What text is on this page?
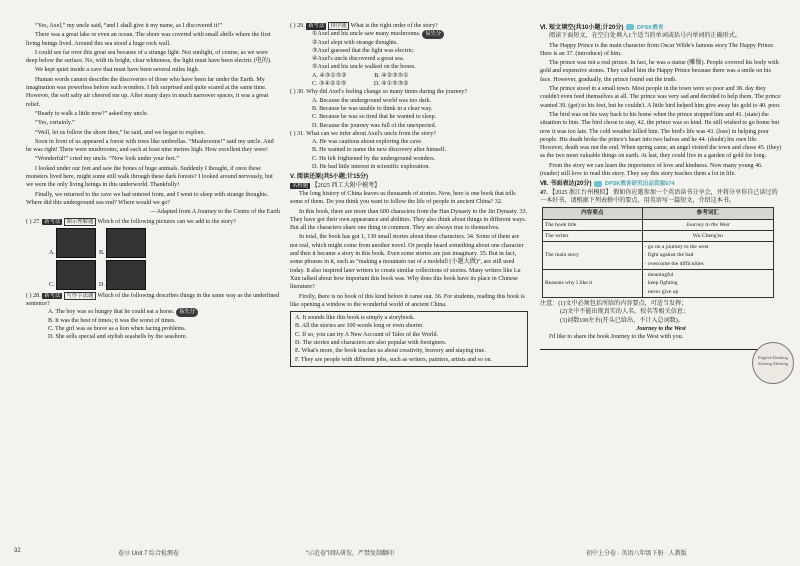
“Yes, Axel,” my uncle said, “and I shall give it my name, as I discovered it!”

There was a great lake or even an ocean. The shore was covered with small shells where the first living beings lived. Around this sea stood a huge rock wall.

I could see far over this great sea because of a strange light. Not sunlight, of course, as we were deep below the surface. No, with its bright, clear whiteness, the light must have been electric (电的).

We kept quiet inside a cave that must have been several miles high.

Human words cannot describe the discoveries of those who have been far under the Earth. My imagination was powerless before such wonders. I felt surprised and quite scared at the same time. However, the soft salty air cheered me up. After many days in much narrower spaces, it was a great relief.

“Ready to walk a little now?” asked my uncle.

“Yes, certainly.”

“Well, let us follow the shore then,” he said, and we began to explore.

Soon in front of us appeared a forest with trees like umbrellas. “Mushrooms!” said my uncle. And he was right! There were mushrooms, and each at least nine metres high. How excellent they were!

“Wonderful!” cried my uncle. “Now look under your feet.”

I looked under our feet and saw the bones of huge animals. Suddenly I thought, if once these monsters lived here, might some still walk through these dark forests? I looked around nervously, but we were the only living beings in this underworld. Thankfully!

Finally, we returned to the cave we had entered from, and I went to sleep with strange thoughts. Where did this underground sea end? Where would we go?

—Adapted from A Journey to the Centre of the Earth

( ) 27. 新考法 图示理解题 Which of the following pictures can we add to the story?
A.	B.
C.	D.
( ) 28. 新考法 写作手法题 Which of the following describes things in the same way as the underlined sentence?
A. The boy was so hungry that he could eat a horse. 易失分
B. It was the best of times; it was the worst of times.
C. The girl was as brave as a lion when facing problems.
D. She sells special and stylish seashells by the seashore.
( ) 29. 新考法 排序题 What is the right order of the story?
①Axel and his uncle saw many mushrooms. 易失分
②Axel slept with strange thoughts.
③Axel guessed that the light was electric.
④Axel's uncle discovered a great sea.
⑤Axel and his uncle walked on the bones.
A. ④③①⑤②	B. ④②③⑤①
C. ③④②①⑤	D. ④①⑤③②
( ) 30. Why did Axel's feeling change so many times during the journey?
A. Because the underground world was too dark.
B. Because he was unable to think in a clear way.
C. Because he was so tired that he wanted to sleep.
D. Because the journey was full of the unexpected.
( ) 31. What can we infer about Axel's uncle from the story?
A. He was cautious about exploring the cave.
B. He wanted to name the new discovery after himself.
C. He felt frightened by the underground wonders.
D. He had little interest in scientific exploration.
V. 阅读还原(共5小题;计15分)
名校题 【2025 西工大附中模考】

The long history of China leaves us thousands of stories. Now, here is one book that tells some of them. Do you think you want to follow the life of people in ancient China? 32.

In this book, there are more than 600 characters from the Han Dynasty to the Jin Dynasty. 33. They have got their own appearance and abilities. They also think about things in different ways. But all the characters share one thing in common. They are always true to themselves.

In total, the book has got 1, 130 small stories about these characters. 34. Some of them are not real, which might come from another novel. Or people heard something about one character and then it became a story in this book. Even some stories are just imaginary. 35. But in fact, some phrases in it, such as “making a mountain out of a molehill (小题大做)”, are still used today. It also inspired later writers to create similar collections of stories. Many writers like Lu Xun talked about how important this book was. Why does this book have its place in Chinese literature?

Firstly, there is no book of this kind before it came out. 36. For students, reading this book is like opening a window to the wonderful world of ancient China.

A. It sounds like this book is simply a storybook.
B. All the stories are 100 words long or even shorter.
C. If so, you can try A New Account of Tales of the World.
D. The stories and characters are also popular with foreigners.
E. What's more, the book teaches us about creativity, bravery and staying true.
F. They are people with different jobs, such as writers, painters, artists and so on.
Ⅵ. 短文填空(共10小题;计20分) DPSK教育

阅读下面短文，在空白处填入1个适当的单词或括号内单词的正确形式。

The Happy Prince is the main character from Oscar Wilde's famous story The Happy Prince. Here is an 37. (introduce) of him.

The prince was not a real prince. In fact, he was a statue (雕像). People covered his body with gold and expensive stones. They called him the Happy Prince because there was a smile on his face. However, gradually, the prince found out the truth.

The prince stood in a small town. Most people in the town were so poor and 38. day they couldn't even feed themselves at all. The prince was very sad and decided to help them. The prince wanted 39. (get) to his feet, but he couldn't. A little bird helped him give away his gold to 40. poor.

The bird was on his way back to his home when the prince stopped him and 41. (state) the situation to him. The bird chose to stay, 42. the prince was so kind. He still wished to go home but now it was too late. The cold weather killed him. The bird's life was 43. (lose) in helping poor people. His death broke the prince's heart into two halves and he 44. (doubt) his own life. However, death was not the end. When spring came, an angel visited the town and chose 45. (they) as the two most valuable things on earth. At last, they could live in a garden of gold for long.

From the story we can learn the importance of love and kindness. Now many young 46. (reader) still love to read this story. They say this story teaches them a lot in life.

Ⅶ. 书面表达(20分) DPSK教育研究出品资源674
47. 【2025 浙江台州模拟】 假如你应邀参加一个英语读书分享会，并将分享你自己读过的一本好书，请根据下列表格中的要点，用英语写一篇短文，介绍这本书。
内容要点	参考词汇
The book title	Journey to the West
The writer	Wu Cheng'en
The main story	· go on a journey to the west
· fight against the bad
· overcome the difficulties
Reasons why I like it	· meaningful
· keep fighting
· never give up
注意：(1)文中必须包括所给的内容要点，可适当发挥；
(2)文中不能出现真实的人名、校名等相关信息；
(3)词数100左右(开头已给出，不计入总词数)。
Journey to the West

I'd like to share the book Journey to the West with you.

English Reading Sharing Meeting
32	卷⑬ Unit 7 综合检测卷	“示范卷”团队研发，严禁复制翻印	初中上分卷 · 英语八年级下册 · 人教版
